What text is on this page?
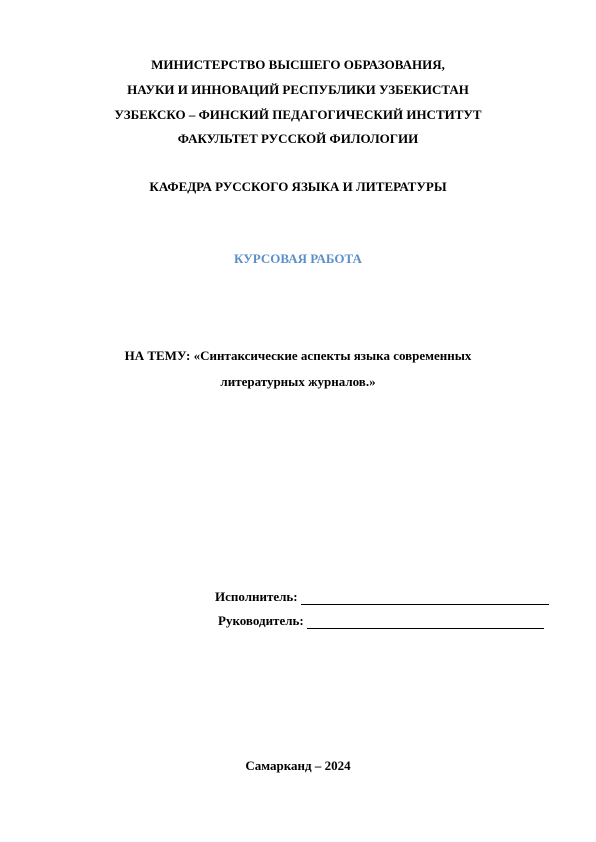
МИНИСТЕРСТВО ВЫСШЕГО ОБРАЗОВАНИЯ,
НАУКИ И ИННОВАЦИЙ РЕСПУБЛИКИ УЗБЕКИСТАН
УЗБЕКСКО – ФИНСКИЙ ПЕДАГОГИЧЕСКИЙ ИНСТИТУТ
ФАКУЛЬТЕТ РУССКОЙ ФИЛОЛОГИИ
КАФЕДРА РУССКОГО ЯЗЫКА И ЛИТЕРАТУРЫ
КУРСОВАЯ РАБОТА
НА ТЕМУ: «Синтаксические аспекты языка современных
литературных журналов.»
Исполнитель:
Руководитель:
Самарканд – 2024
